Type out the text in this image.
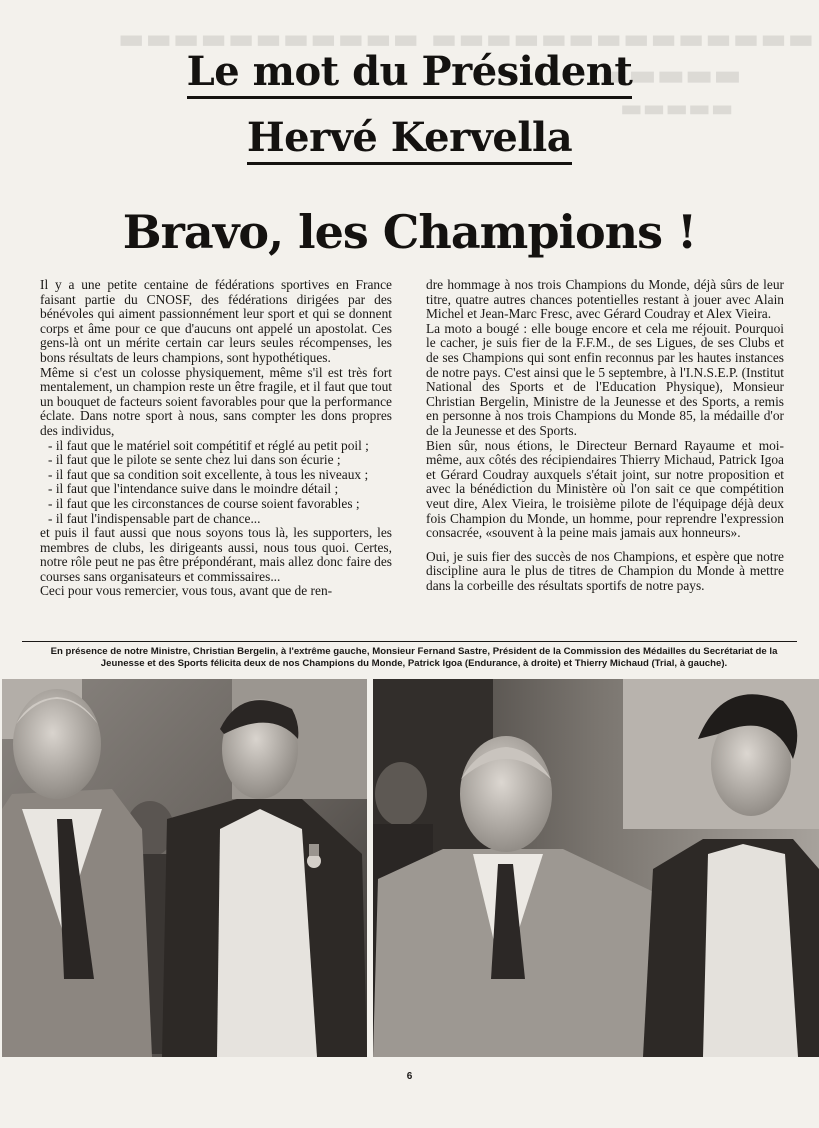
▬▬▬▬▬▬▬▬▬▬▬ ▬▬▬▬▬▬▬▬▬▬▬▬▬▬
▬▬▬▬▬
▬▬▬▬▬
Le mot du Président
Hervé Kervella
Bravo, les Champions !

Il y a une petite centaine de fédérations sportives en France faisant partie du CNOSF, des fédérations dirigées par des bénévoles qui aiment passionnément leur sport et qui se donnent corps et âme pour ce que d'aucuns ont appelé un apostolat. Ces gens-là ont un mérite certain car leurs seules récompenses, les bons résultats de leurs champions, sont hypothétiques.

Même si c'est un colosse physiquement, même s'il est très fort mentalement, un champion reste un être fragile, et il faut que tout un bouquet de facteurs soient favorables pour que la performance éclate. Dans notre sport à nous, sans compter les dons propres des individus,

- il faut que le matériel soit compétitif et réglé au petit poil ;
- il faut que le pilote se sente chez lui dans son écurie ;
- il faut que sa condition soit excellente, à tous les niveaux ;
- il faut que l'intendance suive dans le moindre détail ;
- il faut que les circonstances de course soient favorables ;
- il faut l'indispensable part de chance...

et puis il faut aussi que nous soyons tous là, les supporters, les membres de clubs, les dirigeants aussi, nous tous quoi. Certes, notre rôle peut ne pas être prépondérant, mais allez donc faire des courses sans organisateurs et commissaires...

Ceci pour vous remercier, vous tous, avant que de ren-

dre hommage à nos trois Champions du Monde, déjà sûrs de leur titre, quatre autres chances potentielles restant à jouer avec Alain Michel et Jean-Marc Fresc, avec Gérard Coudray et Alex Vieira.

La moto a bougé : elle bouge encore et cela me réjouit. Pourquoi le cacher, je suis fier de la F.F.M., de ses Ligues, de ses Clubs et de ses Champions qui sont enfin reconnus par les hautes instances de notre pays. C'est ainsi que le 5 septembre, à l'I.N.S.E.P. (Institut National des Sports et de l'Education Physique), Monsieur Christian Bergelin, Ministre de la Jeunesse et des Sports, a remis en personne à nos trois Champions du Monde 85, la médaille d'or de la Jeunesse et des Sports.

Bien sûr, nous étions, le Directeur Bernard Rayaume et moi-même, aux côtés des récipiendaires Thierry Michaud, Patrick Igoa et Gérard Coudray auxquels s'était joint, sur notre proposition et avec la bénédiction du Ministère où l'on sait ce que compétition veut dire, Alex Vieira, le troisième pilote de l'équipage déjà deux fois Champion du Monde, un homme, pour reprendre l'expression consacrée, «souvent à la peine mais jamais aux honneurs».

Oui, je suis fier des succès de nos Champions, et espère que notre discipline aura le plus de titres de Champion du Monde à mettre dans la corbeille des résultats sportifs de notre pays.

En présence de notre Ministre, Christian Bergelin, à l'extrême gauche, Monsieur Fernand Sastre, Président de la Commission des Médailles du Secrétariat de la Jeunesse et des Sports félicita deux de nos Champions du Monde, Patrick Igoa (Endurance, à droite) et Thierry Michaud (Trial, à gauche).
6
